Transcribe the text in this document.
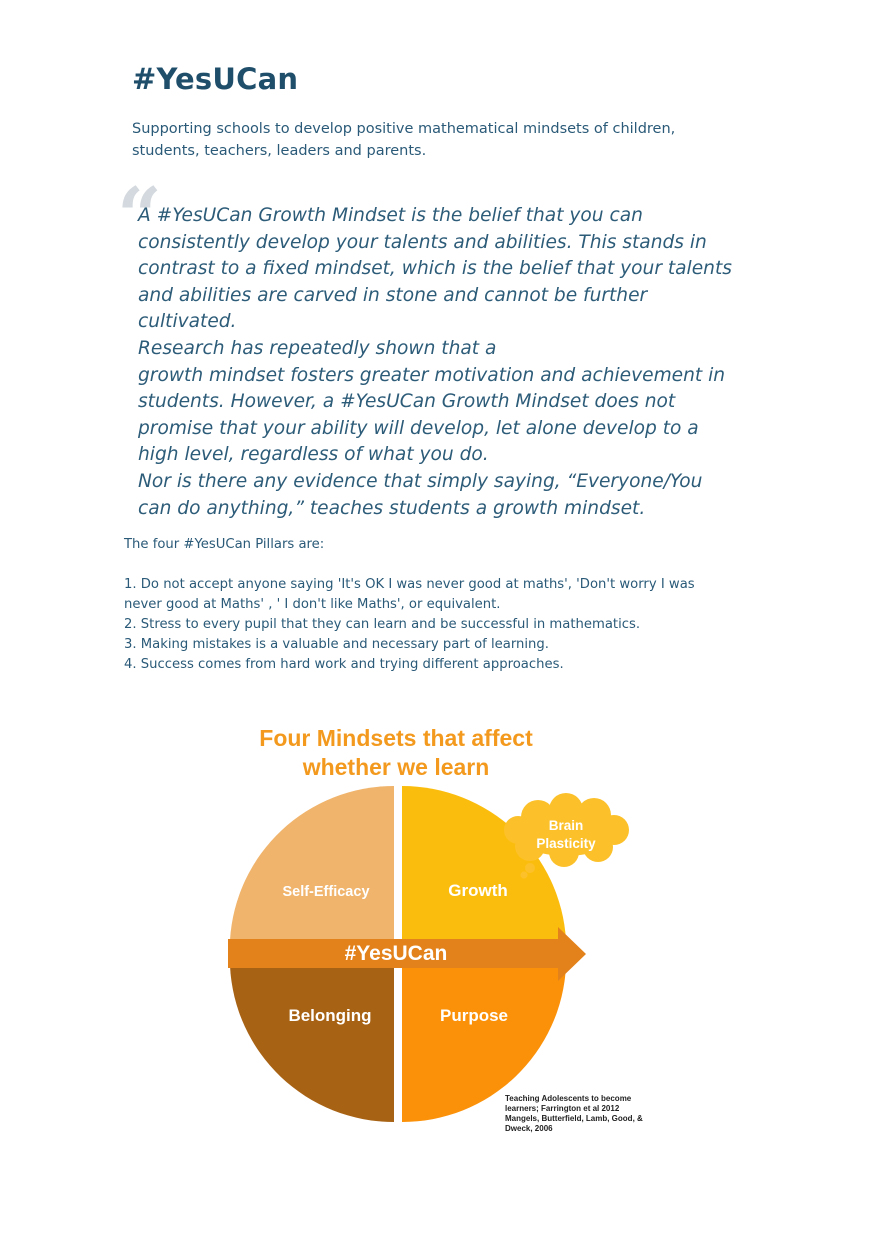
#YesUCan
Supporting schools to develop positive mathematical mindsets of children, students, teachers, leaders and parents.
“

A #YesUCan Growth Mindset is the belief that you can consistently develop your talents and abilities. This stands in contrast to a fixed mindset, which is the belief that your talents and abilities are carved in stone and cannot be further cultivated.

Research has repeatedly shown that a

growth mindset fosters greater motivation and achievement in students. However, a #YesUCan Growth Mindset does not promise that your ability will develop, let alone develop to a high level, regardless of what you do.

Nor is there any evidence that simply saying, “Everyone/You can do anything,” teaches students a growth mindset.

The four #YesUCan Pillars are:

1. Do not accept anyone saying 'It's OK I was never good at maths', 'Don't worry I was never good at Maths' , ' I don't like Maths', or equivalent.

2. Stress to every pupil that they can learn and be successful in mathematics.

3. Making mistakes is a valuable and necessary part of learning.

4. Success comes from hard work and trying different approaches.

Four Mindsets that affect
whether we learn
#YesUCan
Self-Efficacy	Growth
Belonging	Purpose
Brain
Plasticity
Teaching Adolescents to become
learners; Farrington et al 2012
Mangels, Butterfield, Lamb, Good, &
Dweck, 2006
